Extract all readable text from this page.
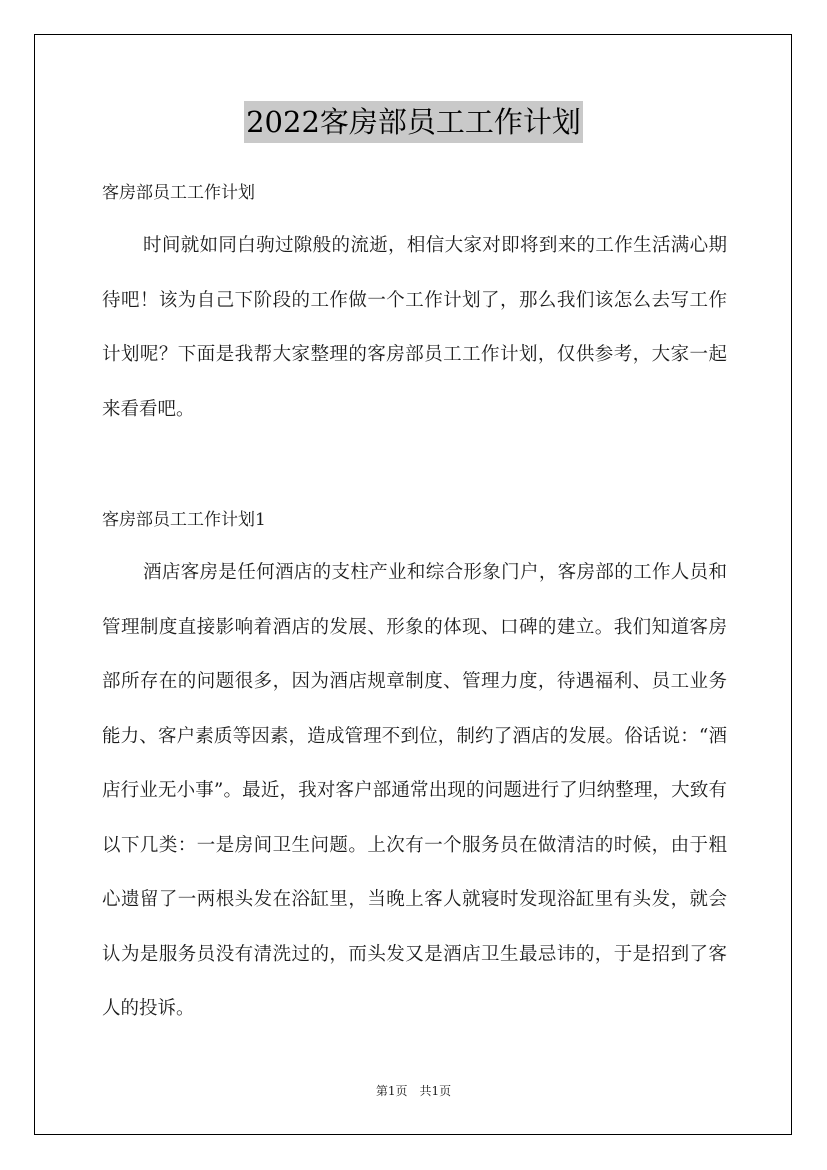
2022客房部员工工作计划
客房部员工工作计划

时间就如同白驹过隙般的流逝，相信大家对即将到来的工作生活满心期待吧！该为自己下阶段的工作做一个工作计划了，那么我们该怎么去写工作计划呢？下面是我帮大家整理的客房部员工工作计划，仅供参考，大家一起来看看吧。

客房部员工工作计划1

酒店客房是任何酒店的支柱产业和综合形象门户，客房部的工作人员和管理制度直接影响着酒店的发展、形象的体现、口碑的建立。我们知道客房部所存在的问题很多，因为酒店规章制度、管理力度，待遇福利、员工业务能力、客户素质等因素，造成管理不到位，制约了酒店的发展。俗话说：“酒店行业无小事”。最近，我对客户部通常出现的问题进行了归纳整理，大致有以下几类：一是房间卫生问题。上次有一个服务员在做清洁的时候，由于粗心遗留了一两根头发在浴缸里，当晚上客人就寝时发现浴缸里有头发，就会认为是服务员没有清洗过的，而头发又是酒店卫生最忌讳的，于是招到了客人的投诉。

第1页　共1页
